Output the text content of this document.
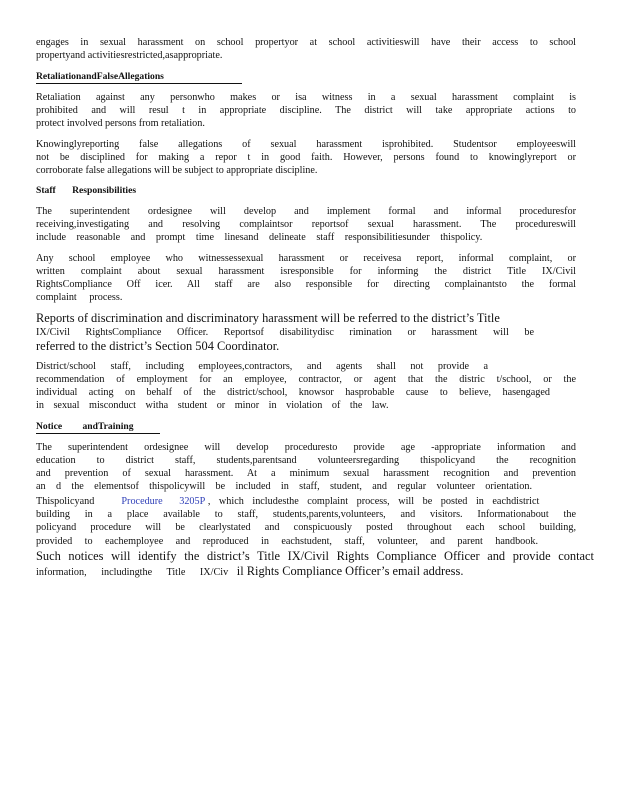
engages in sexual harassment on school propertyor at school activitieswill have their access to school
propertyand activitiesrestricted,asappropriate.
RetaliationandFalseAllegations
Retaliation against any personwho makes or isa witness in a sexual harassment complaint is
prohibited and will resul t in appropriate discipline. The district will take appropriate actions to
protect involved persons from retaliation.
Knowinglyreporting false allegations of sexual harassment isprohibited. Studentsor employeeswill
not be disciplined for making a repor t in good faith. However, persons found to knowinglyreport or
corroborate false allegations will be subject to appropriate discipline.
Staff Responsibilities
The superintendent ordesignee will develop and implement formal and informal proceduresfor
receiving,investigating and resolving complaintsor reportsof sexual harassment. The procedureswill
include reasonable and prompt time linesand delineate staff responsibilitiesunder thispolicy.
Any school employee who witnessessexual harassment or receivesa report, informal complaint, or
written complaint about sexual harassment isresponsible for informing the district Title IX/Civil
RightsCompliance Off icer. All staff are also responsible for directing complainantsto the formal
complaint process.
Reports of discrimination and discriminatory harassment will be referred to the district’s Title
IX/Civil RightsCompliance Officer. Reportsof disabilitydisc rimination or harassment will be
referred to the district’s Section 504 Coordinator.
District/school staff, including employees,contractors, and agents shall not provide a
recommendation of employment for an employee, contractor, or agent that the distric t/school, or the
individual acting on behalf of the district/school, knowsor hasprobable cause to believe, hasengaged
in sexual misconduct witha student or minor in violation of the law.
Notice andTraining
The superintendent ordesignee will develop proceduresto provide age -appropriate information and
education to district staff, students,parentsand volunteersregarding thispolicyand the recognition
and prevention of sexual harassment. At a minimum sexual harassment recognition and prevention
an d the elementsof thispolicywill be included in staff, student, and regular volunteer orientation.
Thispolicyand	Procedure 3205P , which includesthe complaint process, will be posted in eachdistrict
building in a place available to staff, students,parents,volunteers, and visitors. Informationabout the
policyand procedure will be clearlystated and conspicuously posted throughout each school building,
provided to eachemployee and reproduced in eachstudent, staff, volunteer, and parent handbook.
Such notices will identify the district’s Title IX/Civil Rights Compliance Officer and provide contact
information, includingthe Title IX/Civ il Rights Compliance Officer’s email address.
